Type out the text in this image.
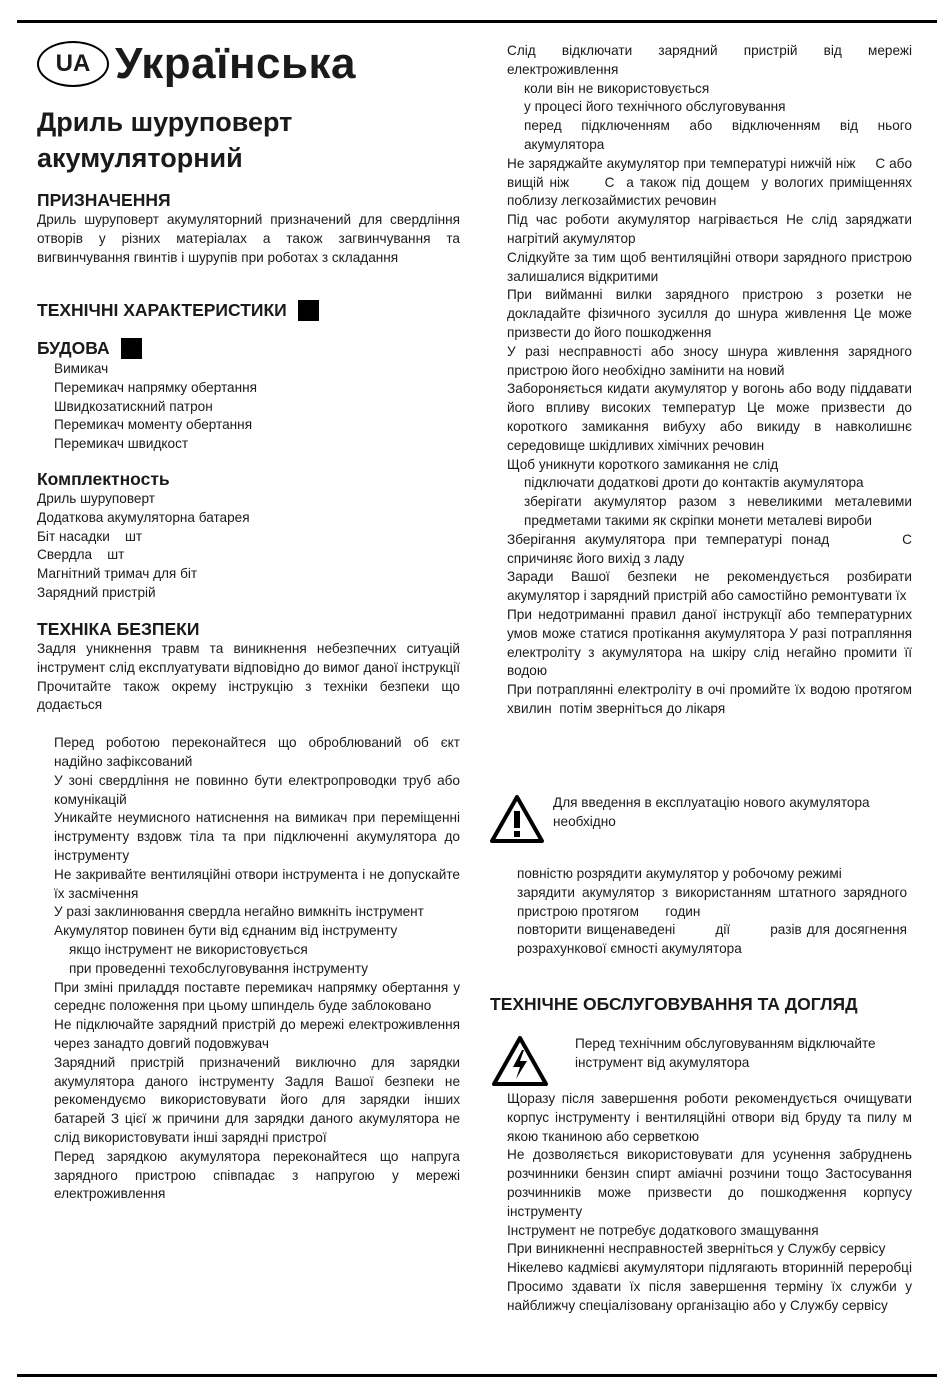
UA Українська
Дриль шуруповерт
акумуляторний
ПРИЗНАЧЕННЯ
Дриль шуруповерт акумуляторний призначений для свердління отворів у різних матеріалах а також загвинчування та вигвинчування гвинтів і шурупів при роботах з складання
ТЕХНІЧНІ ХАРАКТЕРИСТИКИ
БУДОВА
Вимикач
Перемикач напрямку обертання
Швидкозатискний патрон
Перемикач моменту обертання
Перемикач швидкост
Комплектность
Дриль шуруповерт
Додаткова акумуляторна батарея
Біт насадки    шт
Свердла    шт
Магнітний тримач для біт
Зарядний пристрій
ТЕХНІКА БЕЗПЕКИ
Задля уникнення травм та виникнення небезпечних ситуацій інструмент слід експлуатувати відповідно до вимог даної інструкції Прочитайте також окрему інструкцію з техніки безпеки що додається
Перед роботою переконайтеся що оброблюваний об єкт надійно зафіксований
У зоні свердління не повинно бути електропроводки труб або комунікацій
Уникайте неумисного натиснення на вимикач при переміщенні інструменту вздовж тіла та при підключенні акумулятора до інструменту
Не закривайте вентиляційні отвори інструмента і не допускайте їх засмічення
У разі заклинювання свердла негайно вимкніть інструмент
Акумулятор повинен бути від єднаним від інструменту
якщо інструмент не використовується
при проведенні техобслуговування інструменту
При зміні приладдя поставте перемикач напрямку обертання у середнє положення при цьому шпиндель буде заблоковано
Не підключайте зарядний пристрій до мережі електроживлення через занадто довгий подовжувач
Зарядний пристрій призначений виключно для зарядки акумулятора даного інструменту Задля Вашої безпеки не рекомендуємо використовувати його для зарядки інших батарей З цієї ж причини для зарядки даного акумулятора не слід використовувати інші зарядні пристрої
Перед зарядкою акумулятора переконайтеся що напруга зарядного пристрою співпадає з напругою у мережі електроживлення
Слід відключати зарядний пристрій від мережі електроживлення
коли він не використовується
у процесі його технічного обслуговування
перед підключенням або відключенням від нього акумулятора
Не заряджайте акумулятор при температурі нижчій ніж     С або вищій ніж      С  а також під дощем  у вологих приміщеннях  поблизу легкозаймистих речовин
Під час роботи акумулятор нагрівається Не слід заряджати нагрітий акумулятор
Слідкуйте за тим щоб вентиляційні отвори зарядного пристрою залишалися відкритими
При вийманні вилки зарядного пристрою з розетки не докладайте фізичного зусилля до шнура живлення Це може призвести до його пошкодження
У разі несправності або зносу шнура живлення зарядного пристрою його необхідно замінити на новий
Забороняється кидати акумулятор у вогонь або воду піддавати його впливу високих температур Це може призвести до короткого замикання вибуху або викиду в навколишнє середовище шкідливих хімічних речовин
Щоб уникнути короткого замикання не слід
підключати додаткові дроти до контактів акумулятора
зберігати акумулятор разом з невеликими металевими предметами такими як скріпки монети металеві вироби
Зберігання акумулятора при температурі понад        С спричиняє його вихід з ладу
Заради Вашої безпеки не рекомендується розбирати акумулятор і зарядний пристрій або самостійно ремонтувати їх
При недотриманні правил даної інструкції або температурних умов може статися протікання акумулятора У разі потрапляння електроліту з акумулятора на шкіру слід негайно промити її водою
При потраплянні електроліту в очі промийте їх водою протягом      хвилин  потім зверніться до лікаря
Для введення в експлуатацію нового акумулятора необхідно
повністю розрядити акумулятор у робочому режимі
зарядити акумулятор з використанням штатного зарядного пристрою протягом       годин
повторити вищенаведені        дії        разів для досягнення розрахункової ємності акумулятора
ТЕХНІЧНЕ ОБСЛУГОВУВАННЯ ТА ДОГЛЯД
Перед технічним обслуговуванням відключайте інструмент від акумулятора
Щоразу після завершення роботи рекомендується очищувати корпус інструменту і вентиляційні отвори від бруду та пилу м якою тканиною або серветкою
Не дозволяється використовувати для усунення забруднень розчинники бензин спирт аміачні розчини тощо Застосування розчинників може призвести до пошкодження корпусу інструменту
Інструмент не потребує додаткового змащування
При виникненні несправностей зверніться у Службу сервісу
Нікелево кадмієві акумулятори підлягають вторинній переробці Просимо здавати їх після завершення терміну їх служби у найближчу спеціалізовану організацію або у Службу сервісу
